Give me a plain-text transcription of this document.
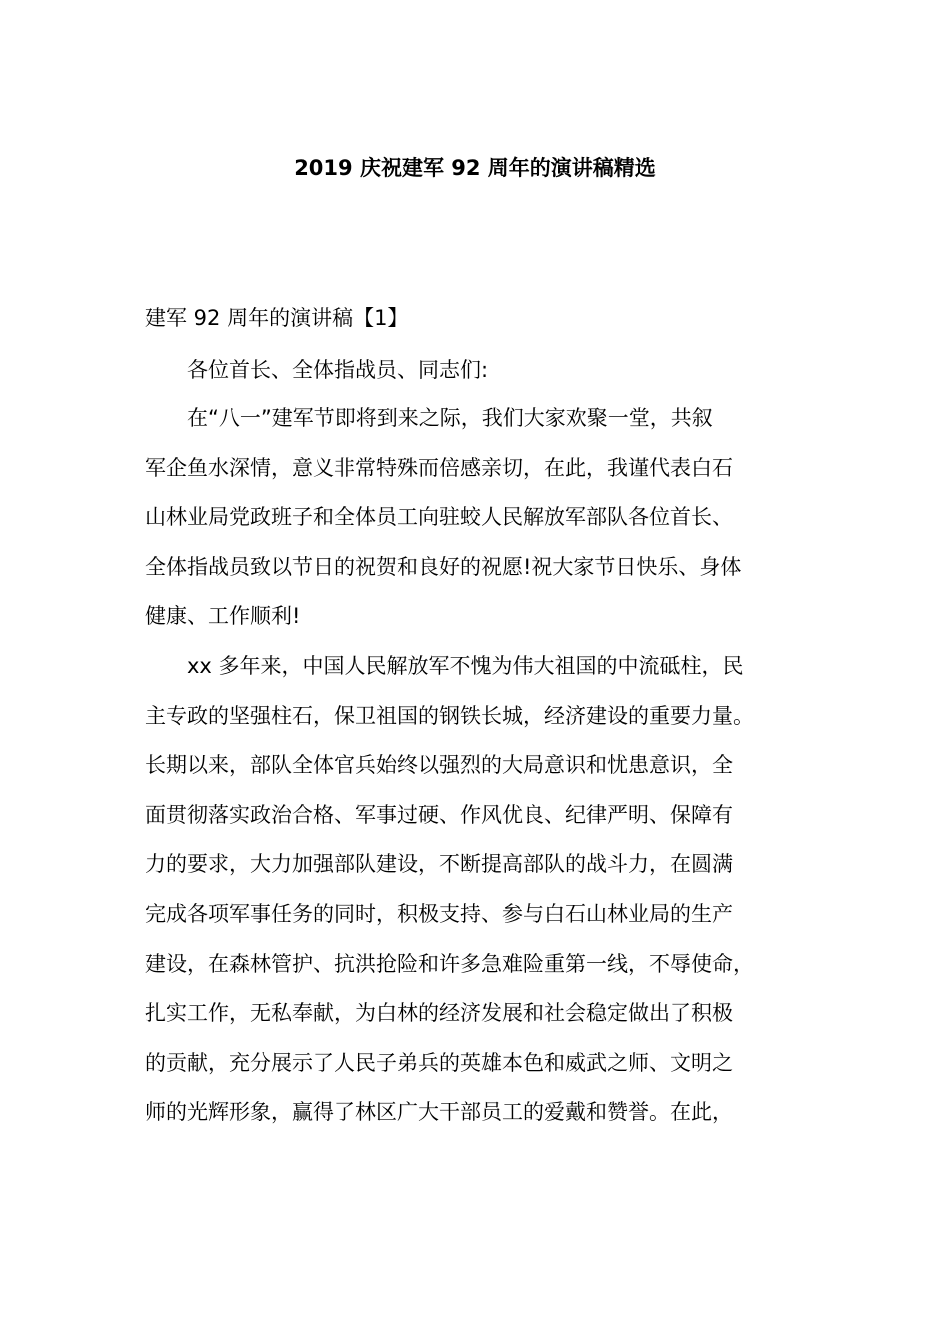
2019 庆祝建军 92 周年的演讲稿精选
建军 92 周年的演讲稿【1】

各位首长、全体指战员、同志们:

在“八一”建军节即将到来之际，我们大家欢聚一堂，共叙
军企鱼水深情，意义非常特殊而倍感亲切，在此，我谨代表白石
山林业局党政班子和全体员工向驻蛟人民解放军部队各位首长、
全体指战员致以节日的祝贺和良好的祝愿!祝大家节日快乐、身体
健康、工作顺利!

xx 多年来，中国人民解放军不愧为伟大祖国的中流砥柱，民
主专政的坚强柱石，保卫祖国的钢铁长城，经济建设的重要力量。
长期以来，部队全体官兵始终以强烈的大局意识和忧患意识，全
面贯彻落实政治合格、军事过硬、作风优良、纪律严明、保障有
力的要求，大力加强部队建设，不断提高部队的战斗力，在圆满
完成各项军事任务的同时，积极支持、参与白石山林业局的生产
建设，在森林管护、抗洪抢险和许多急难险重第一线，不辱使命，
扎实工作，无私奉献，为白林的经济发展和社会稳定做出了积极
的贡献，充分展示了人民子弟兵的英雄本色和威武之师、文明之
师的光辉形象，赢得了林区广大干部员工的爱戴和赞誉。在此，
